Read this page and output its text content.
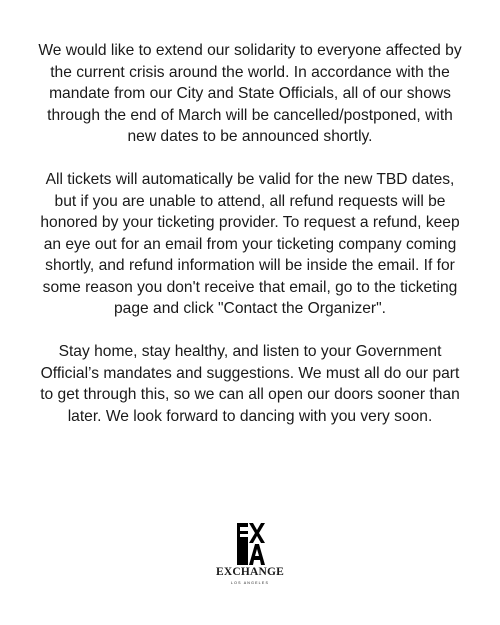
We would like to extend our solidarity to everyone affected by the current crisis around the world. In accordance with the mandate from our City and State Officials, all of our shows through the end of March will be cancelled/postponed, with new dates to be announced shortly.

All tickets will automatically be valid for the new TBD dates, but if you are unable to attend, all refund requests will be honored by your ticketing provider. To request a refund, keep an eye out for an email from your ticketing company coming shortly, and refund information will be inside the email. If for some reason you don't receive that email, go to the ticketing page and click "Contact the Organizer".

Stay home, stay healthy, and listen to your Government Official’s mandates and suggestions. We must all do our part to get through this, so we can all open our doors sooner than later. We look forward to dancing with you very soon.

EXCHANGE
LOS ANGELES
